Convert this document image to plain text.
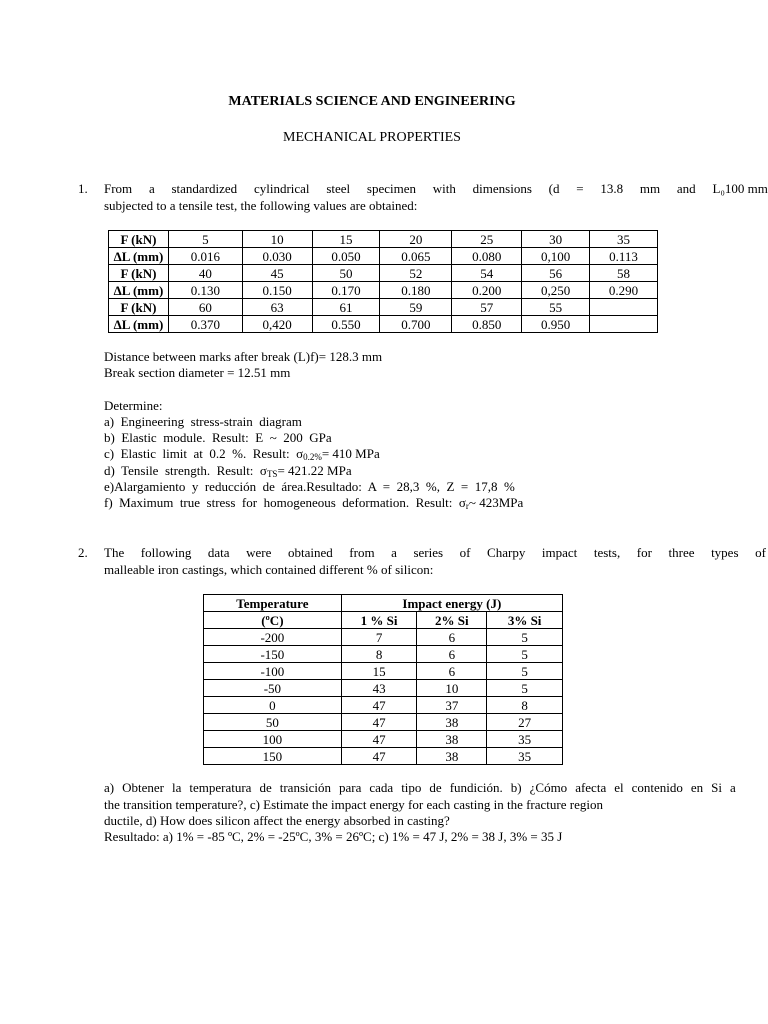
MATERIALS SCIENCE AND ENGINEERING
MECHANICAL PROPERTIES
1. From a standardized cylindrical steel specimen with dimensions (d = 13.8 mm and L₀100 mm
subjected to a tensile test, the following values are obtained:
F (kN)	5	10	15	20	25	30	35
ΔL (mm)	0.016	0.030	0.050	0.065	0.080	0,100	0.113
F (kN)	40	45	50	52	54	56	58
ΔL (mm)	0.130	0.150	0.170	0.180	0.200	0,250	0.290
F (kN)	60	63	61	59	57	55	
ΔL (mm)	0.370	0,420	0.550	0.700	0.850	0.950	
Distance between marks after break (L)f)= 128.3 mm
Break section diameter = 12.51 mm
Determine:
a)  Engineering  stress-strain  diagram
b)  Elastic  module.  Result:  E  ~  200  GPa
c)  Elastic  limit  at  0.2  %.  Result:  $\sigma_{0.2\%}= 410$ MPa
d)  Tensile  strength.  Result:  $\sigma_{TS}= 421.22$ MPa
e)Alargamiento  y  reducción  de  área.Resultado:  A  =  28,3  %,  Z  =  17,8  %
f)  Maximum  true  stress  for  homogeneous  deformation.  Result:  $\sigma_r\sim$ 423MPa
2. The following data were obtained from a series of Charpy impact tests, for three types of
malleable iron castings, which contained different % of silicon:
Temperature	Impact energy (J)		
(ºC)	1 % Si	2% Si	3% Si
-200	7	6	5
-150	8	6	5
-100	15	6	5
-50	43	10	5
0	47	37	8
50	47	38	27
100	47	38	35
150	47	38	35
a) Obtener la temperatura de transición para cada tipo de fundición. b) ¿Cómo afecta el contenido en Si a
the transition temperature?, c) Estimate the impact energy for each casting in the fracture region
ductile, d) How does silicon affect the energy absorbed in casting?
Resultado: a) 1% = -85 ºC, 2% = -25ºC, 3% = 26ºC; c) 1% = 47 J, 2% = 38 J, 3% = 35 J
